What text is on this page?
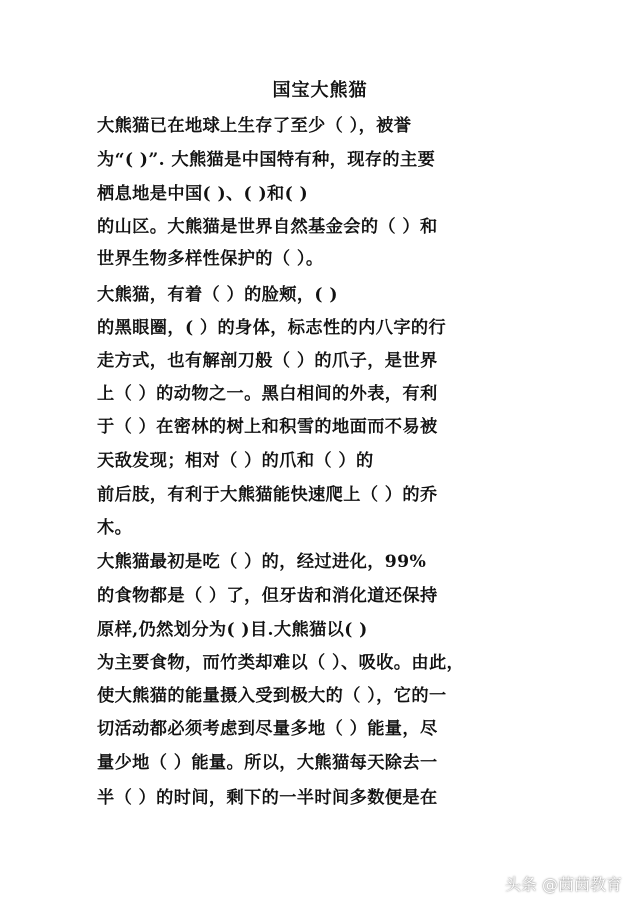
国宝大熊猫
大熊猫已在地球上生存了至少（ ），被誉
为“( )”. 大熊猫是中国特有种，现存的主要
栖息地是中国( )、( )和( )
的山区。大熊猫是世界自然基金会的（ ）和
世界生物多样性保护的（ ）。
大熊猫，有着（ ）的脸颊，( )
的黑眼圈，( ）的身体，标志性的内八字的行
走方式，也有解剖刀般（ ）的爪子，是世界
上（ ）的动物之一。黑白相间的外表，有利
于（ ）在密林的树上和积雪的地面而不易被
天敌发现；相对（ ）的爪和（ ）的
前后肢，有利于大熊猫能快速爬上（ ）的乔
木。
大熊猫最初是吃（ ）的，经过进化，99%
的食物都是（ ）了，但牙齿和消化道还保持
原样,仍然划分为( )目.大熊猫以( )
为主要食物，而竹类却难以（ ）、吸收。由此，
使大熊猫的能量摄入受到极大的（ ），它的一
切活动都必须考虑到尽量多地（ ）能量，尽
量少地（ ）能量。所以，大熊猫每天除去一
半（ ）的时间，剩下的一半时间多数便是在
头条 @茵茵教育
